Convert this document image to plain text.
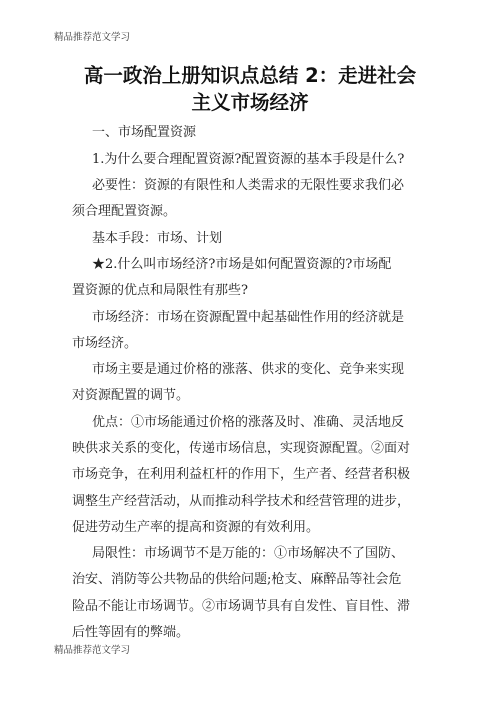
精品推荐范文学习
高一政治上册知识点总结 2：走进社会
主义市场经济
一、市场配置资源
1.为什么要合理配置资源?配置资源的基本手段是什么?
必要性：资源的有限性和人类需求的无限性要求我们必
须合理配置资源。
基本手段：市场、计划
★2.什么叫市场经济?市场是如何配置资源的?市场配
置资源的优点和局限性有那些?
市场经济：市场在资源配置中起基础性作用的经济就是
市场经济。
市场主要是通过价格的涨落、供求的变化、竞争来实现
对资源配置的调节。
优点：①市场能通过价格的涨落及时、准确、灵活地反
映供求关系的变化，传递市场信息，实现资源配置。②面对
市场竞争，在利用利益杠杆的作用下，生产者、经营者积极
调整生产经营活动，从而推动科学技术和经营管理的进步，
促进劳动生产率的提高和资源的有效利用。
局限性：市场调节不是万能的：①市场解决不了国防、
治安、消防等公共物品的供给问题;枪支、麻醉品等社会危
险品不能让市场调节。②市场调节具有自发性、盲目性、滞
后性等固有的弊端。
精品推荐范文学习
